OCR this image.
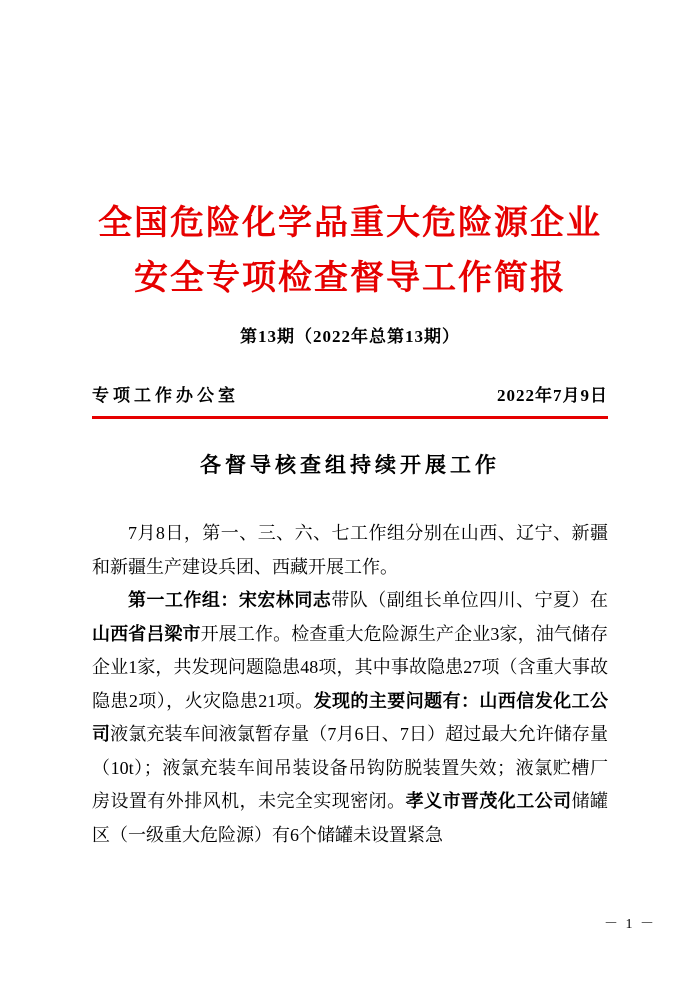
全国危险化学品重大危险源企业
安全专项检查督导工作简报
第13期（2022年总第13期）
专项工作办公室	2022年7月9日
各督导核查组持续开展工作

7月8日，第一、三、六、七工作组分别在山西、辽宁、新疆和新疆生产建设兵团、西藏开展工作。

第一工作组：宋宏林同志带队（副组长单位四川、宁夏）在山西省吕梁市开展工作。检查重大危险源生产企业3家，油气储存企业1家，共发现问题隐患48项，其中事故隐患27项（含重大事故隐患2项），火灾隐患21项。发现的主要问题有：山西信发化工公司液氯充装车间液氯暂存量（7月6日、7日）超过最大允许储存量（10t）；液氯充装车间吊装设备吊钩防脱装置失效；液氯贮槽厂房设置有外排风机，未完全实现密闭。孝义市晋茂化工公司储罐区（一级重大危险源）有6个储罐未设置紧急

－ 1 －
